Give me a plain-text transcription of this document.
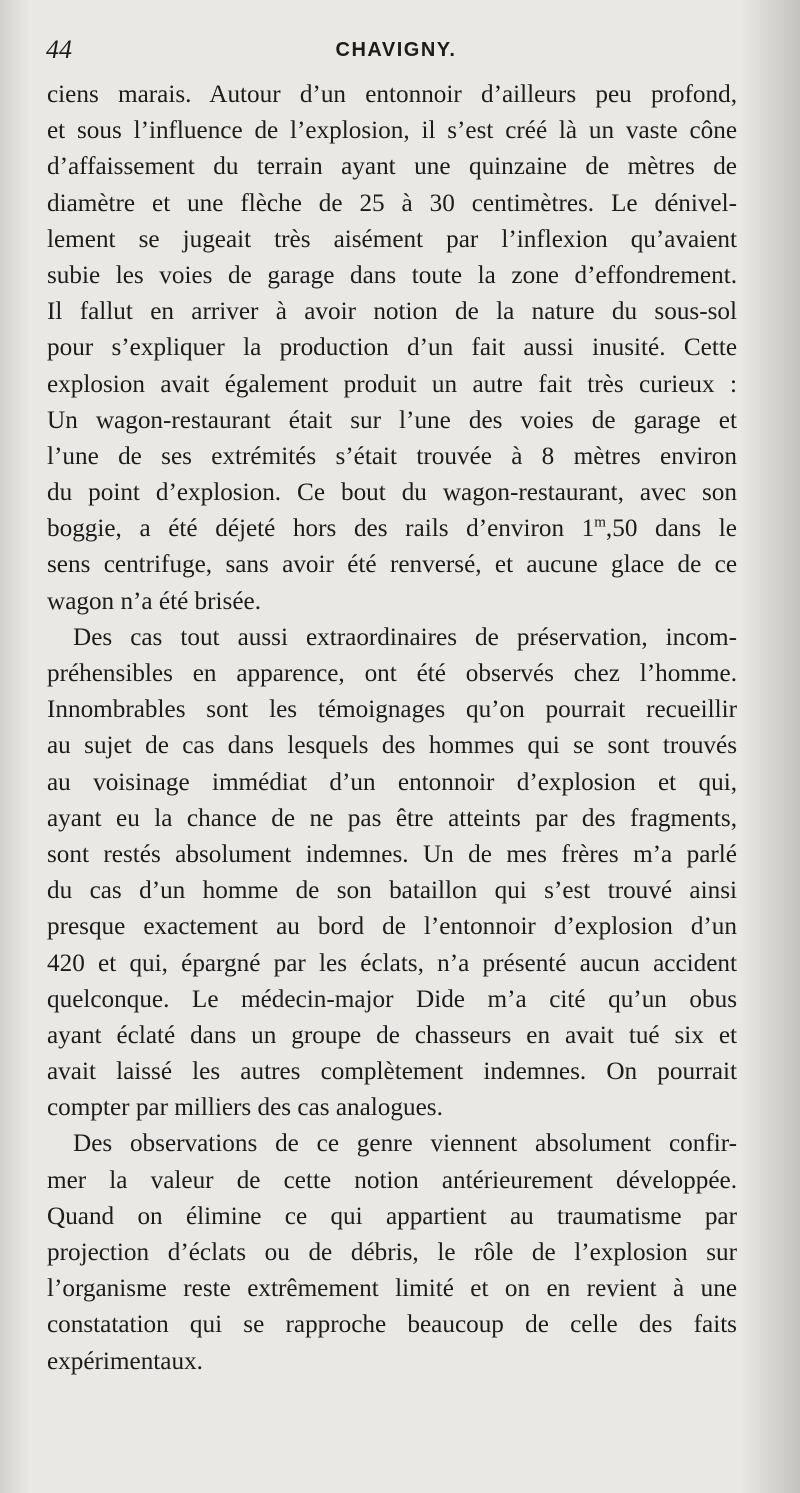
44	CHAVIGNY.
ciens marais. Autour d’un entonnoir d’ailleurs peu profond,
et sous l’influence de l’explosion, il s’est créé là un vaste cône
d’affaissement du terrain ayant une quinzaine de mètres de
diamètre et une flèche de 25 à 30 centimètres. Le dénivel-
lement se jugeait très aisément par l’inflexion qu’avaient
subie les voies de garage dans toute la zone d’effondrement.
Il fallut en arriver à avoir notion de la nature du sous-sol
pour s’expliquer la production d’un fait aussi inusité. Cette
explosion avait également produit un autre fait très curieux :
Un wagon-restaurant était sur l’une des voies de garage et
l’une de ses extrémités s’était trouvée à 8 mètres environ
du point d’explosion. Ce bout du wagon-restaurant, avec son
boggie, a été déjeté hors des rails d’environ 1$^m$,50 dans le
sens centrifuge, sans avoir été renversé, et aucune glace de ce
wagon n’a été brisée.
Des cas tout aussi extraordinaires de préservation, incom-
préhensibles en apparence, ont été observés chez l’homme.
Innombrables sont les témoignages qu’on pourrait recueillir
au sujet de cas dans lesquels des hommes qui se sont trouvés
au voisinage immédiat d’un entonnoir d’explosion et qui,
ayant eu la chance de ne pas être atteints par des fragments,
sont restés absolument indemnes. Un de mes frères m’a parlé
du cas d’un homme de son bataillon qui s’est trouvé ainsi
presque exactement au bord de l’entonnoir d’explosion d’un
420 et qui, épargné par les éclats, n’a présenté aucun accident
quelconque. Le médecin-major Dide m’a cité qu’un obus
ayant éclaté dans un groupe de chasseurs en avait tué six et
avait laissé les autres complètement indemnes. On pourrait
compter par milliers des cas analogues.
Des observations de ce genre viennent absolument confir-
mer la valeur de cette notion antérieurement développée.
Quand on élimine ce qui appartient au traumatisme par
projection d’éclats ou de débris, le rôle de l’explosion sur
l’organisme reste extrêmement limité et on en revient à une
constatation qui se rapproche beaucoup de celle des faits
expérimentaux.
